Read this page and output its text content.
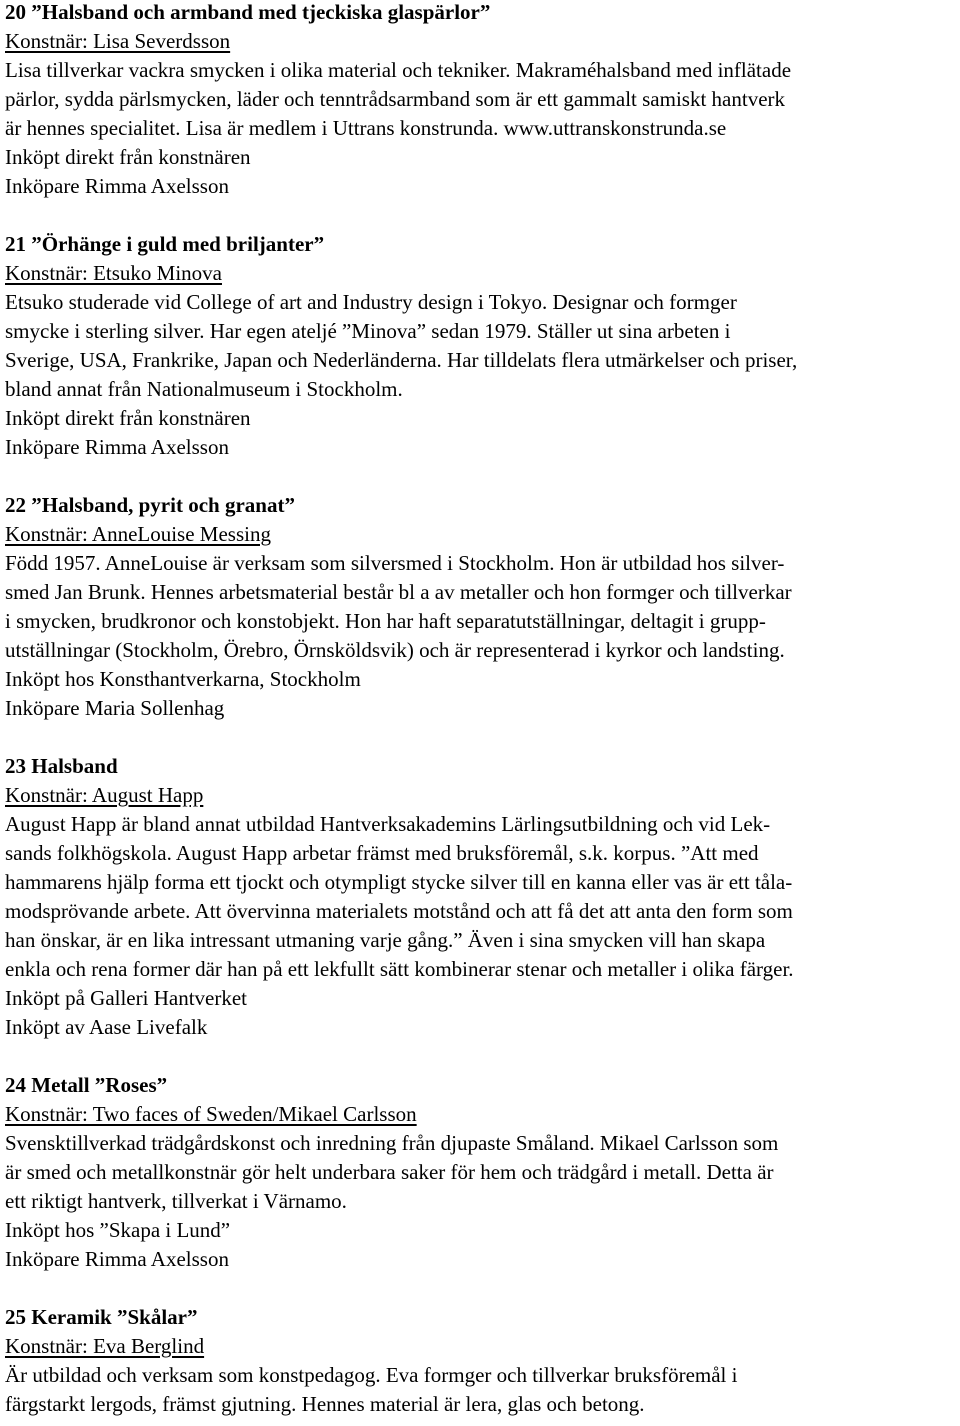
20 ”Halsband och armband med tjeckiska glaspärlor”
Konstnär: Lisa Severdsson
Lisa tillverkar vackra smycken i olika material och tekniker. Makraméhalsband med inflätade
pärlor, sydda pärlsmycken, läder och tenntrådsarmband som är ett gammalt samiskt hantverk
är hennes specialitet. Lisa är medlem i Uttrans konstrunda. www.uttranskonstrunda.se
Inköpt direkt från konstnären
Inköpare Rimma Axelsson
21 ”Örhänge i guld med briljanter”
Konstnär: Etsuko Minova
Etsuko studerade vid College of art and Industry design i Tokyo. Designar och formger
smycke i sterling silver. Har egen ateljé ”Minova” sedan 1979. Ställer ut sina arbeten i
Sverige, USA, Frankrike, Japan och Nederländerna. Har tilldelats flera utmärkelser och priser,
bland annat från Nationalmuseum i Stockholm.
Inköpt direkt från konstnären
Inköpare Rimma Axelsson
22 ”Halsband, pyrit och granat”
Konstnär: AnneLouise Messing
Född 1957. AnneLouise är verksam som silversmed i Stockholm. Hon är utbildad hos silver-
smed Jan Brunk. Hennes arbetsmaterial består bl a av metaller och hon formger och tillverkar
i smycken, brudkronor och konstobjekt. Hon har haft separatutställningar, deltagit i grupp-
utställningar (Stockholm, Örebro, Örnsköldsvik) och är representerad i kyrkor och landsting.
Inköpt hos Konsthantverkarna, Stockholm
Inköpare Maria Sollenhag
23 Halsband
Konstnär: August Happ
August Happ är bland annat utbildad Hantverksakademins Lärlingsutbildning och vid Lek-
sands folkhögskola. August Happ arbetar främst med bruksföremål, s.k. korpus. ”Att med
hammarens hjälp forma ett tjockt och otympligt stycke silver till en kanna eller vas är ett tåla-
modsprövande arbete. Att övervinna materialets motstånd och att få det att anta den form som
han önskar, är en lika intressant utmaning varje gång.” Även i sina smycken vill han skapa
enkla och rena former där han på ett lekfullt sätt kombinerar stenar och metaller i olika färger.
Inköpt på Galleri Hantverket
Inköpt av Aase Livefalk
24 Metall ”Roses”
Konstnär: Two faces of Sweden/Mikael Carlsson
Svensktillverkad trädgårdskonst och inredning från djupaste Småland. Mikael Carlsson som
är smed och metallkonstnär gör helt underbara saker för hem och trädgård i metall. Detta är
ett riktigt hantverk, tillverkat i Värnamo.
Inköpt hos ”Skapa i Lund”
Inköpare Rimma Axelsson
25 Keramik ”Skålar”
Konstnär: Eva Berglind
Är utbildad och verksam som konstpedagog. Eva formger och tillverkar bruksföremål i
färgstarkt lergods, främst gjutning. Hennes material är lera, glas och betong.
